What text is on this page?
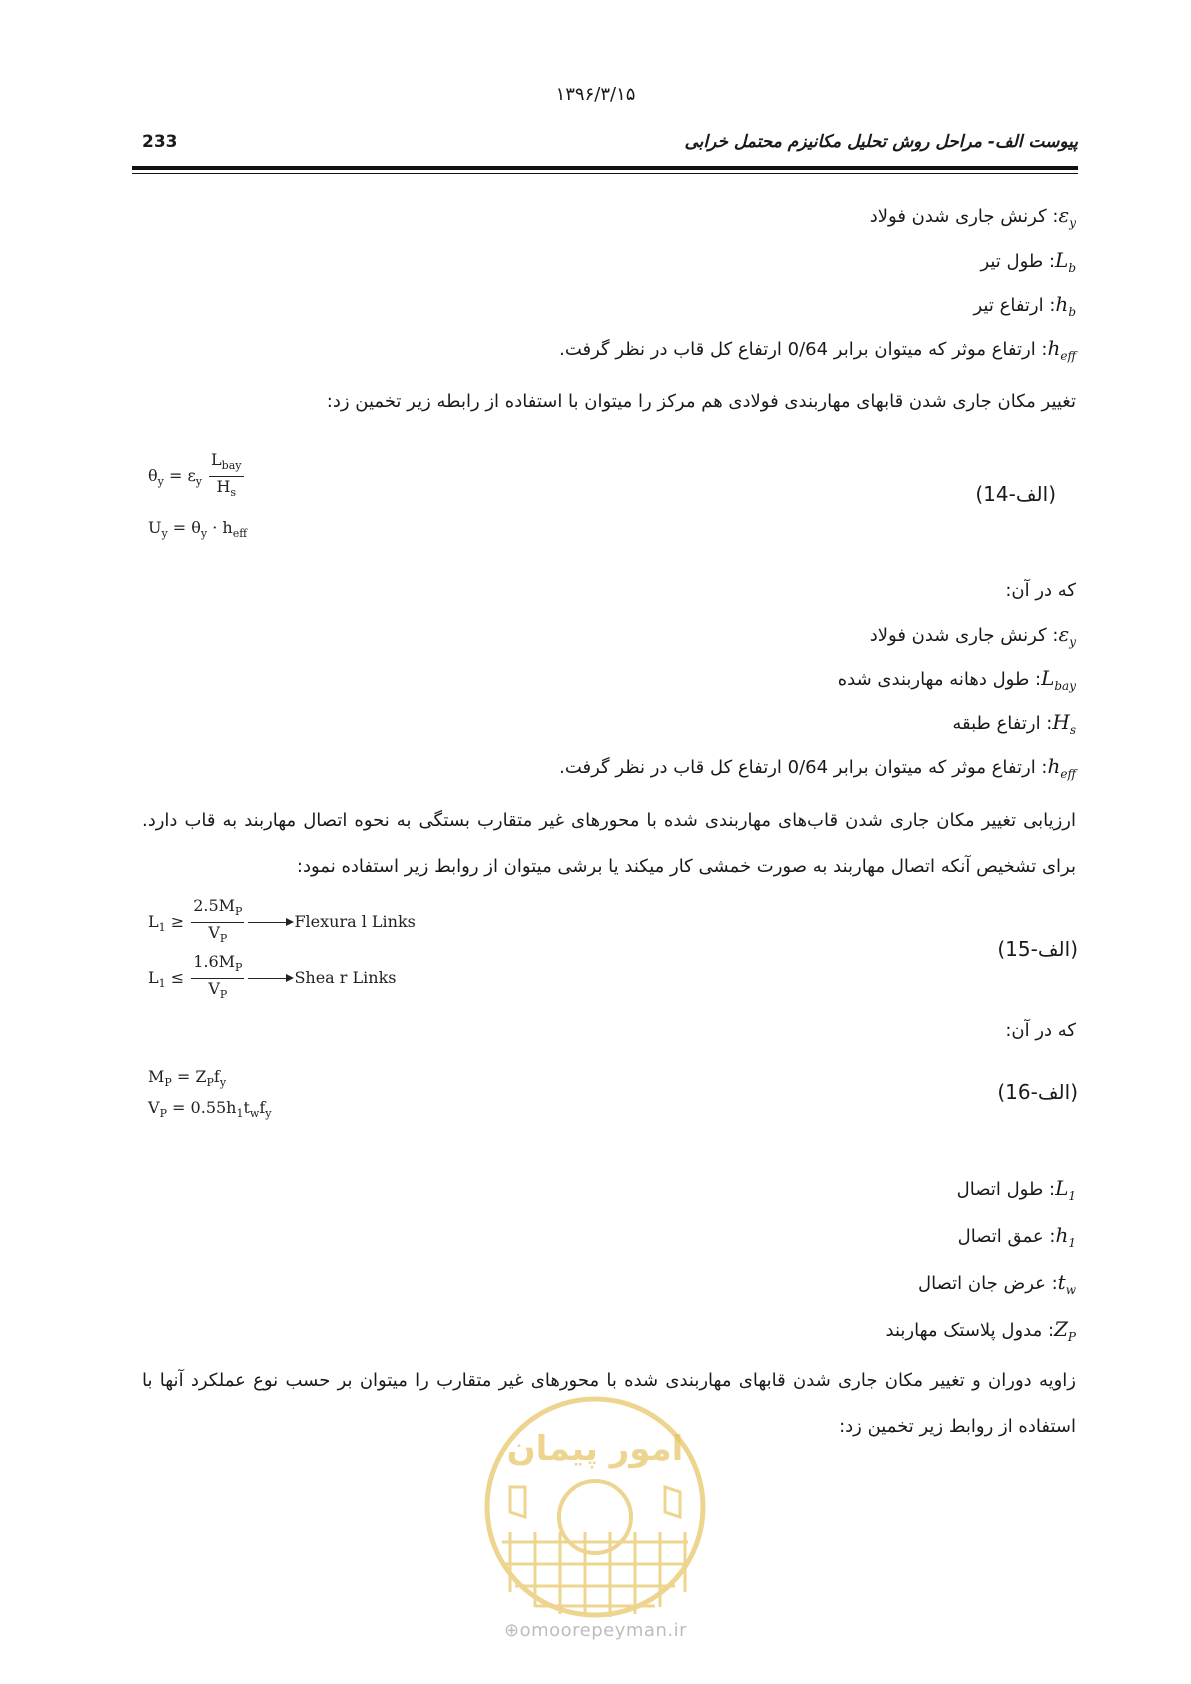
۱۳۹۶/۳/۱۵
233	پیوست الف- مراحل روش تحلیل مکانیزم محتمل خرابی
$\varepsilon_y$: کرنش جاری شدن فولاد
$L_b$: طول تیر
$h_b$: ارتفاع تیر
$h_{eff}$: ارتفاع موثر که میتوان برابر 0/64 ارتفاع کل قاب در نظر گرفت.
تغییر مکان جاری شدن قابهای مهاربندی فولادی هم مرکز را میتوان با استفاده از رابطه زیر تخمین زد:
$\theta_y = \varepsilon_y \frac{L_{bay}}{H_s}$
$U_y = \theta_y \cdot h_{eff}$
(الف-14)
که در آن:
$\varepsilon_y$: کرنش جاری شدن فولاد
$L_{bay}$: طول دهانه مهاربندی شده
$H_s$: ارتفاع طبقه
$h_{eff}$: ارتفاع موثر که میتوان برابر 0/64 ارتفاع کل قاب در نظر گرفت.
ارزیابی تغییر مکان جاری شدن قاب‌های مهاربندی شده با محورهای غیر متقارب بستگی به نحوه اتصال مهاربند به قاب دارد. برای تشخیص آنکه اتصال مهاربند به صورت خمشی کار میکند یا برشی میتوان از روابط زیر استفاده نمود:
$L_1 \ge \frac{2.5M_P}{V_P}$	Flexura l Links
$L_1 \le \frac{1.6M_P}{V_P}$	Shea r Links
(الف-15)
که در آن:
$M_P = Z_Pf_y$
$V_P = 0.55h_1t_wf_y$
(الف-16)
$L_1$: طول اتصال
$h_1$: عمق اتصال
$t_w$: عرض جان اتصال
$Z_P$: مدول پلاستک مهاربند
زاویه دوران و تغییر مکان جاری شدن قابهای مهاربندی شده با محورهای غیر متقارب را میتوان بر حسب نوع عملکرد آنها با استفاده از روابط زیر تخمین زد:
امور پیمان
⊕omoorepeyman.ir
